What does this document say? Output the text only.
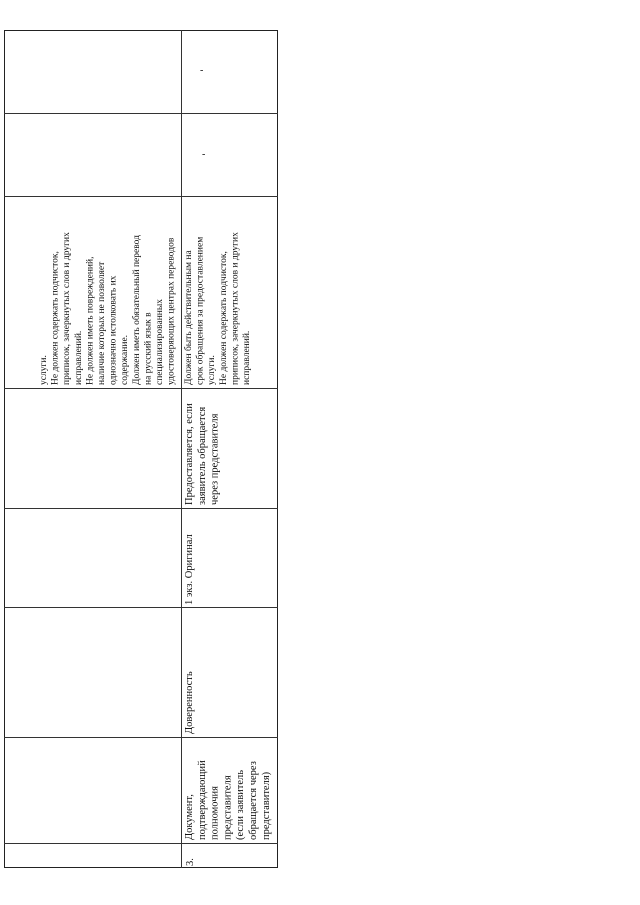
услуги. Не должен содержать подчисток, приписок, зачеркнутых слов и других исправлений. Не должен иметь повреждений, наличие которых не позволяет однозначно истолковать их содержание. Должен иметь обязательный перевод на русский язык в специализированных удостоверяющих центрах переводов
3.
Документ, подтверждающий полномочия представителя (если заявитель обращается через представителя)
Доверенность
1 экз. Оригинал
Предоставляется, если заявитель обращается через представителя
Должен быть действительным на срок обращения за предоставлением услуги. Не должен содержать подчисток, приписок, зачеркнутых слов и других исправлений.
-
-
